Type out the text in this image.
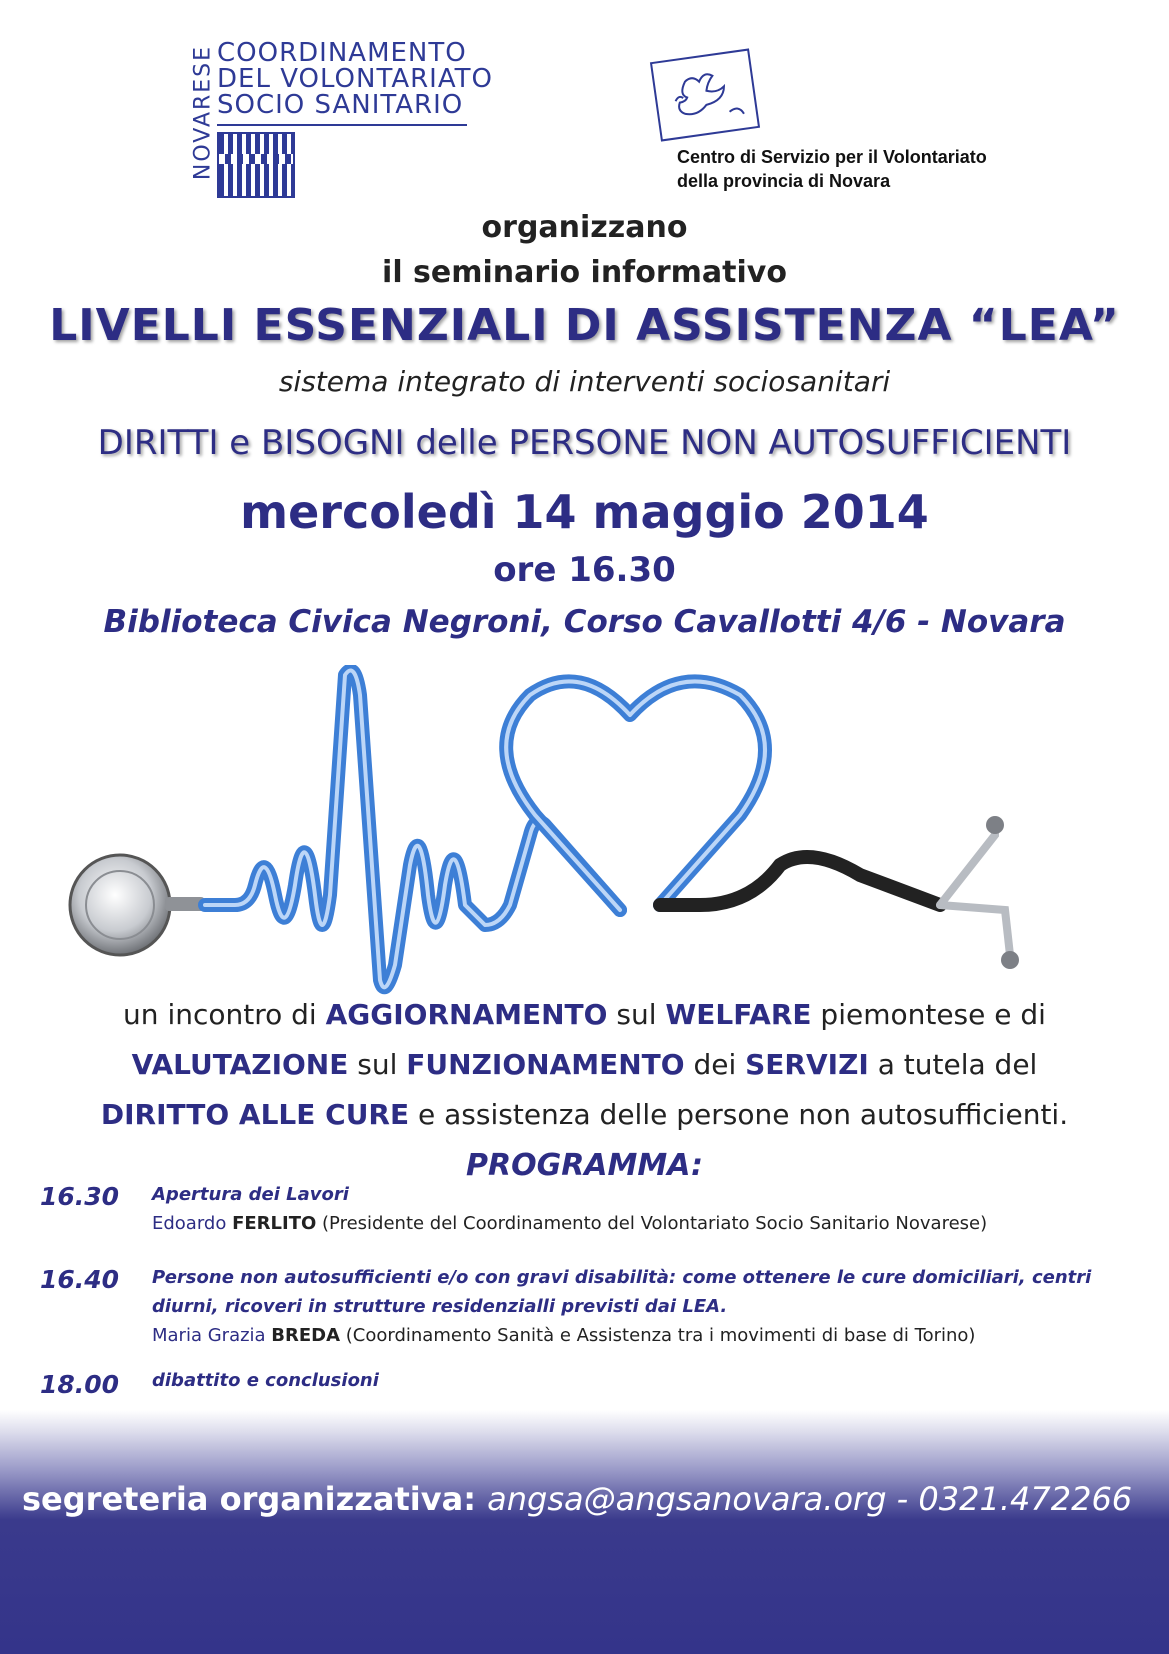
NOVARESE COORDINAMENTO
DEL VOLONTARIATO
SOCIO SANITARIO
Centro di Servizio per il Volontariato
della provincia di Novara
organizzano
il seminario informativo
LIVELLI ESSENZIALI DI ASSISTENZA “LEA”
sistema integrato di interventi sociosanitari
DIRITTI e BISOGNI delle PERSONE NON AUTOSUFFICIENTI
mercoledì 14 maggio 2014
ore 16.30
Biblioteca Civica Negroni, Corso Cavallotti 4/6 - Novara
un incontro di AGGIORNAMENTO sul WELFARE piemontese e di
VALUTAZIONE sul FUNZIONAMENTO dei SERVIZI a tutela del
DIRITTO ALLE CURE e assistenza delle persone non autosufficienti.
PROGRAMMA:
16.30 Apertura dei Lavori
Edoardo FERLITO (Presidente del Coordinamento del Volontariato Socio Sanitario Novarese)
16.40 Persone non autosufficienti e/o con gravi disabilità: come ottenere le cure domiciliari, centri diurni, ricoveri in strutture residenzialli previsti dai LEA.
Maria Grazia BREDA (Coordinamento Sanità e Assistenza tra i movimenti di base di Torino)
18.00 dibattito e conclusioni
segreteria organizzativa: angsa@angsanovara.org - 0321.472266
